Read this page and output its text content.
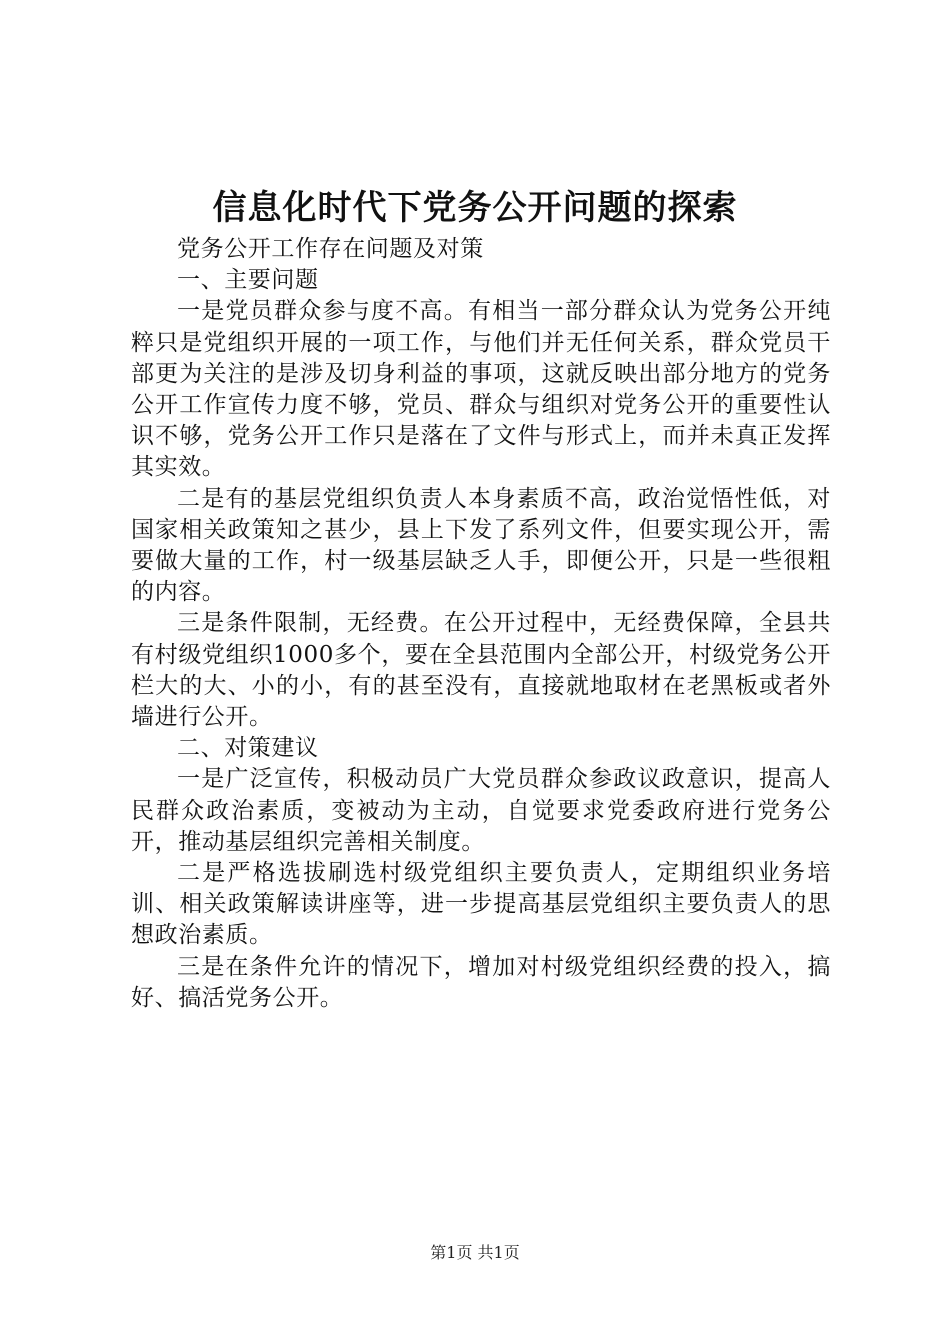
信息化时代下党务公开问题的探索

党务公开工作存在问题及对策

一、主要问题

一是党员群众参与度不高。有相当一部分群众认为党务公开纯粹只是党组织开展的一项工作，与他们并无任何关系，群众党员干部更为关注的是涉及切身利益的事项，这就反映出部分地方的党务公开工作宣传力度不够，党员、群众与组织对党务公开的重要性认识不够，党务公开工作只是落在了文件与形式上，而并未真正发挥其实效。

二是有的基层党组织负责人本身素质不高，政治觉悟性低，对国家相关政策知之甚少，县上下发了系列文件，但要实现公开，需要做大量的工作，村一级基层缺乏人手，即便公开，只是一些很粗的内容。

三是条件限制，无经费。在公开过程中，无经费保障，全县共有村级党组织1000多个，要在全县范围内全部公开，村级党务公开栏大的大、小的小，有的甚至没有，直接就地取材在老黑板或者外墙进行公开。

二、对策建议

一是广泛宣传，积极动员广大党员群众参政议政意识，提高人民群众政治素质，变被动为主动，自觉要求党委政府进行党务公开，推动基层组织完善相关制度。

二是严格选拔刷选村级党组织主要负责人，定期组织业务培训、相关政策解读讲座等，进一步提高基层党组织主要负责人的思想政治素质。

三是在条件允许的情况下，增加对村级党组织经费的投入，搞好、搞活党务公开。

第1页 共1页
